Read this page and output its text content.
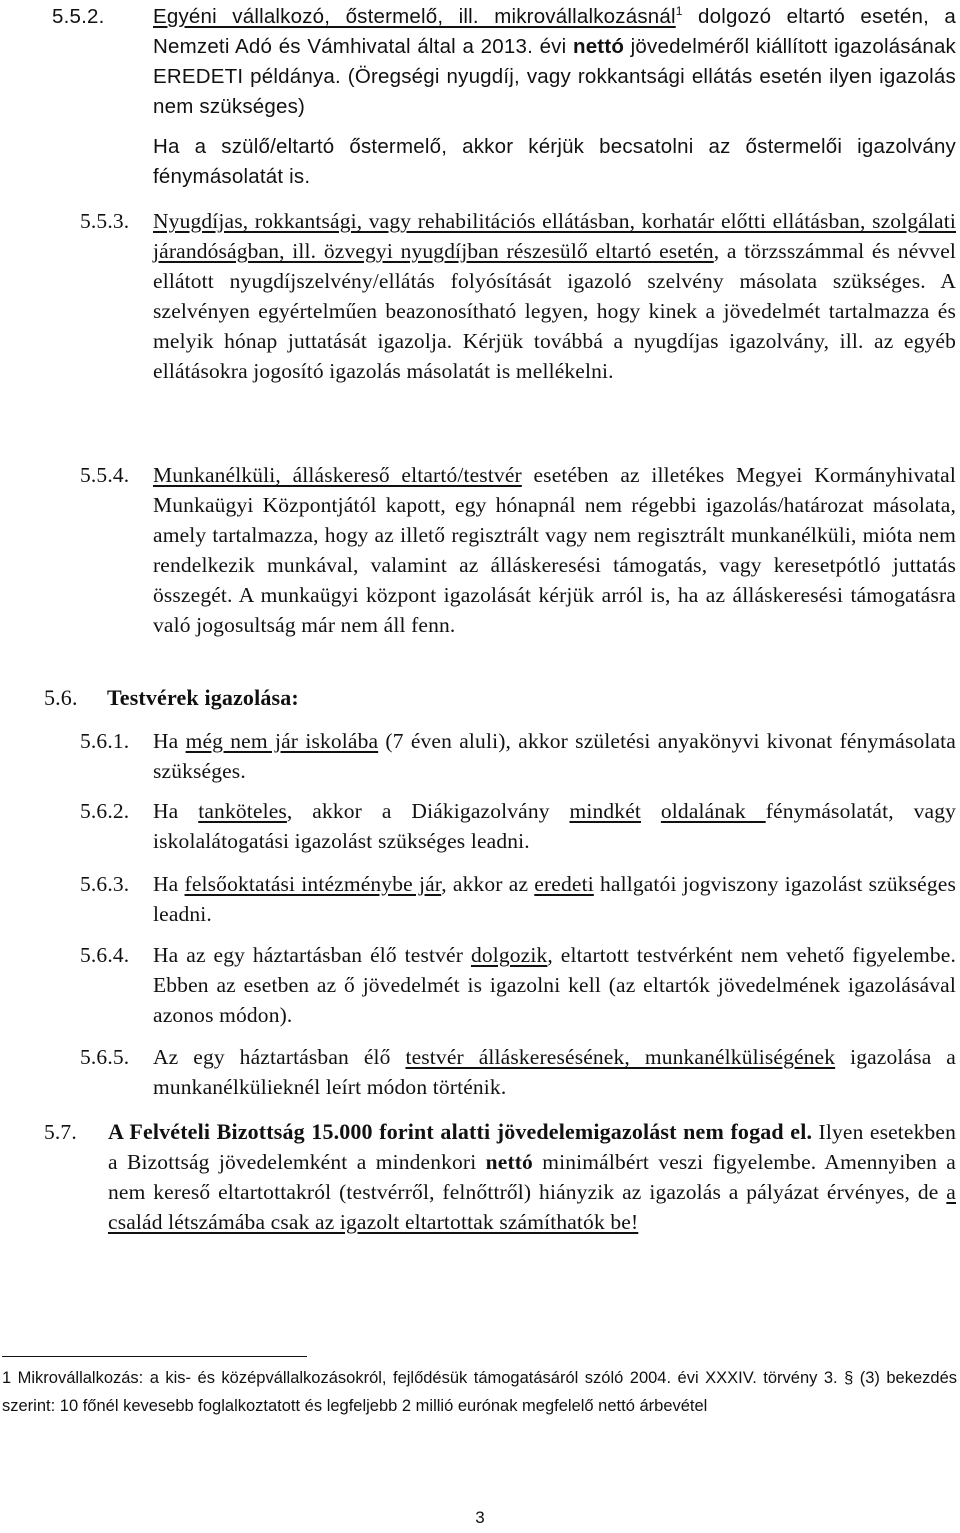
5.5.2. Egyéni vállalkozó, őstermelő, ill. mikrovállalkozásnál$^1$ dolgozó eltartó esetén, a Nemzeti Adó és Vámhivatal által a 2013. évi nettó jövedelméről kiállított igazolásának EREDETI példánya. (Öregségi nyugdíj, vagy rokkantsági ellátás esetén ilyen igazolás nem szükséges)
Ha a szülő/eltartó őstermelő, akkor kérjük becsatolni az őstermelői igazolvány fénymásolatát is.
5.5.3. Nyugdíjas, rokkantsági, vagy rehabilitációs ellátásban, korhatár előtti ellátásban, szolgálati járandóságban, ill. özvegyi nyugdíjban részesülő eltartó esetén, a törzsszámmal és névvel ellátott nyugdíjszelvény/ellátás folyósítását igazoló szelvény másolata szükséges. A szelvényen egyértelműen beazonosítható legyen, hogy kinek a jövedelmét tartalmazza és melyik hónap juttatását igazolja. Kérjük továbbá a nyugdíjas igazolvány, ill. az egyéb ellátásokra jogosító igazolás másolatát is mellékelni.
5.5.4. Munkanélküli, álláskereső eltartó/testvér esetében az illetékes Megyei Kormányhivatal Munkaügyi Központjától kapott, egy hónapnál nem régebbi igazolás/határozat másolata, amely tartalmazza, hogy az illető regisztrált vagy nem regisztrált munkanélküli, mióta nem rendelkezik munkával, valamint az álláskeresési támogatás, vagy keresetpótló juttatás összegét. A munkaügyi központ igazolását kérjük arról is, ha az álláskeresési támogatásra való jogosultság már nem áll fenn.
5.6. Testvérek igazolása:
5.6.1. Ha még nem jár iskolába (7 éven aluli), akkor születési anyakönyvi kivonat fénymásolata szükséges.
5.6.2. Ha tanköteles, akkor a Diákigazolvány mindkét oldalának fénymásolatát, vagy iskolalátogatási igazolást szükséges leadni.
5.6.3. Ha felsőoktatási intézménybe jár, akkor az eredeti hallgatói jogviszony igazolást szükséges leadni.
5.6.4. Ha az egy háztartásban élő testvér dolgozik, eltartott testvérként nem vehető figyelembe. Ebben az esetben az ő jövedelmét is igazolni kell (az eltartók jövedelmének igazolásával azonos módon).
5.6.5. Az egy háztartásban élő testvér álláskeresésének, munkanélküliségének igazolása a munkanélkülieknél leírt módon történik.
5.7. A Felvételi Bizottság 15.000 forint alatti jövedelemigazolást nem fogad el. Ilyen esetekben a Bizottság jövedelemként a mindenkori nettó minimálbért veszi figyelembe. Amennyiben a nem kereső eltartottakról (testvérről, felnőttről) hiányzik az igazolás a pályázat érvényes, de a család létszámába csak az igazolt eltartottak számíthatók be!
1 Mikrovállalkozás: a kis- és középvállalkozásokról, fejlődésük támogatásáról szóló 2004. évi XXXIV. törvény 3. § (3) bekezdés szerint: 10 főnél kevesebb foglalkoztatott és legfeljebb 2 millió eurónak megfelelő nettó árbevétel
3
